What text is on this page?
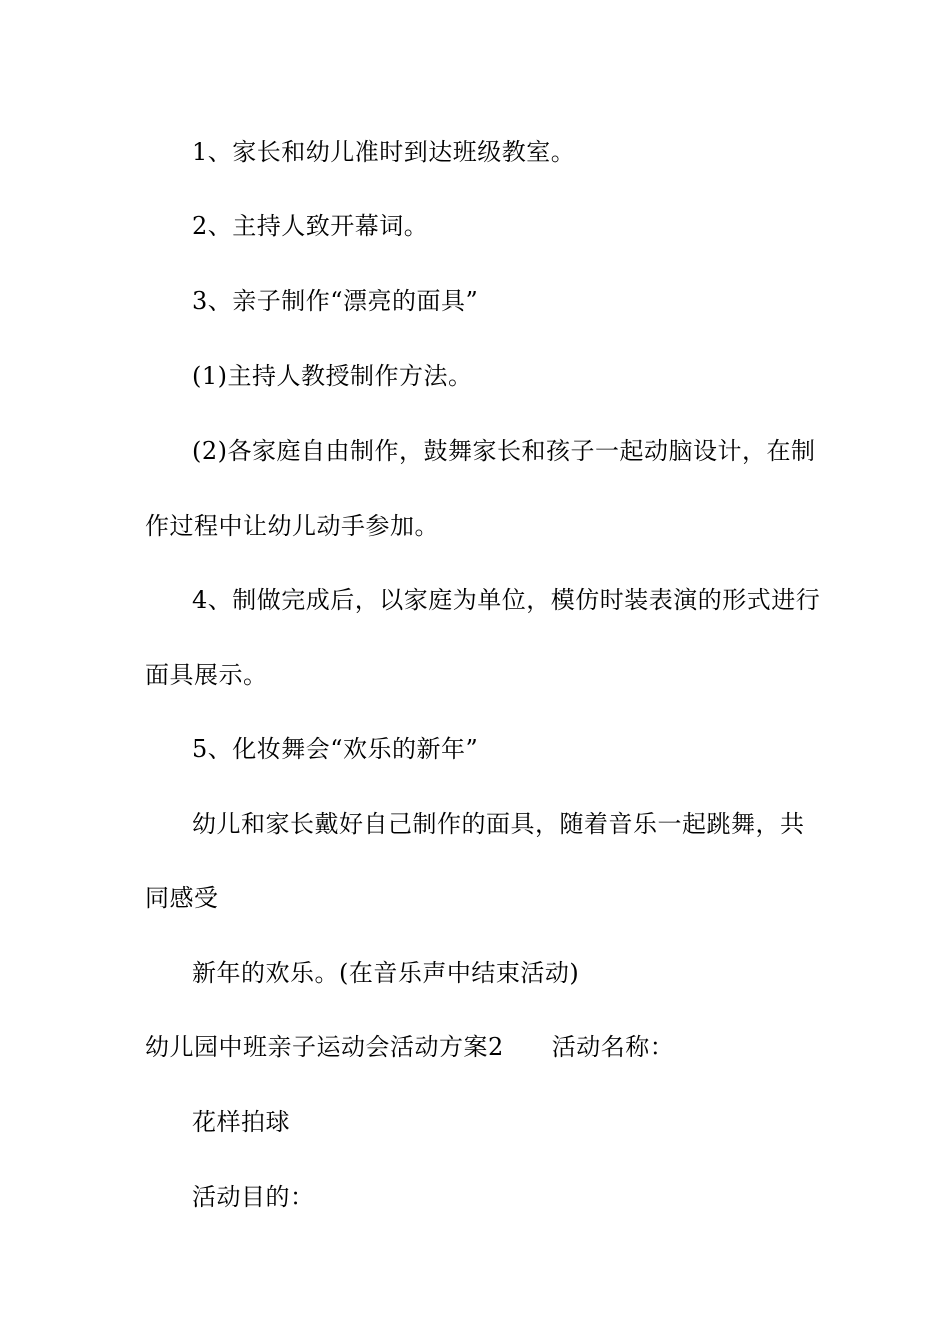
1、家长和幼儿准时到达班级教室。
2、主持人致开幕词。
3、亲子制作“漂亮的面具”
(1)主持人教授制作方法。
(2)各家庭自由制作，鼓舞家长和孩子一起动脑设计，在制
作过程中让幼儿动手参加。
4、制做完成后，以家庭为单位，模仿时装表演的形式进行
面具展示。
5、化妆舞会“欢乐的新年”
幼儿和家长戴好自己制作的面具，随着音乐一起跳舞，共
同感受
新年的欢乐。(在音乐声中结束活动)
幼儿园中班亲子运动会活动方案2 活动名称：
花样拍球
活动目的：
